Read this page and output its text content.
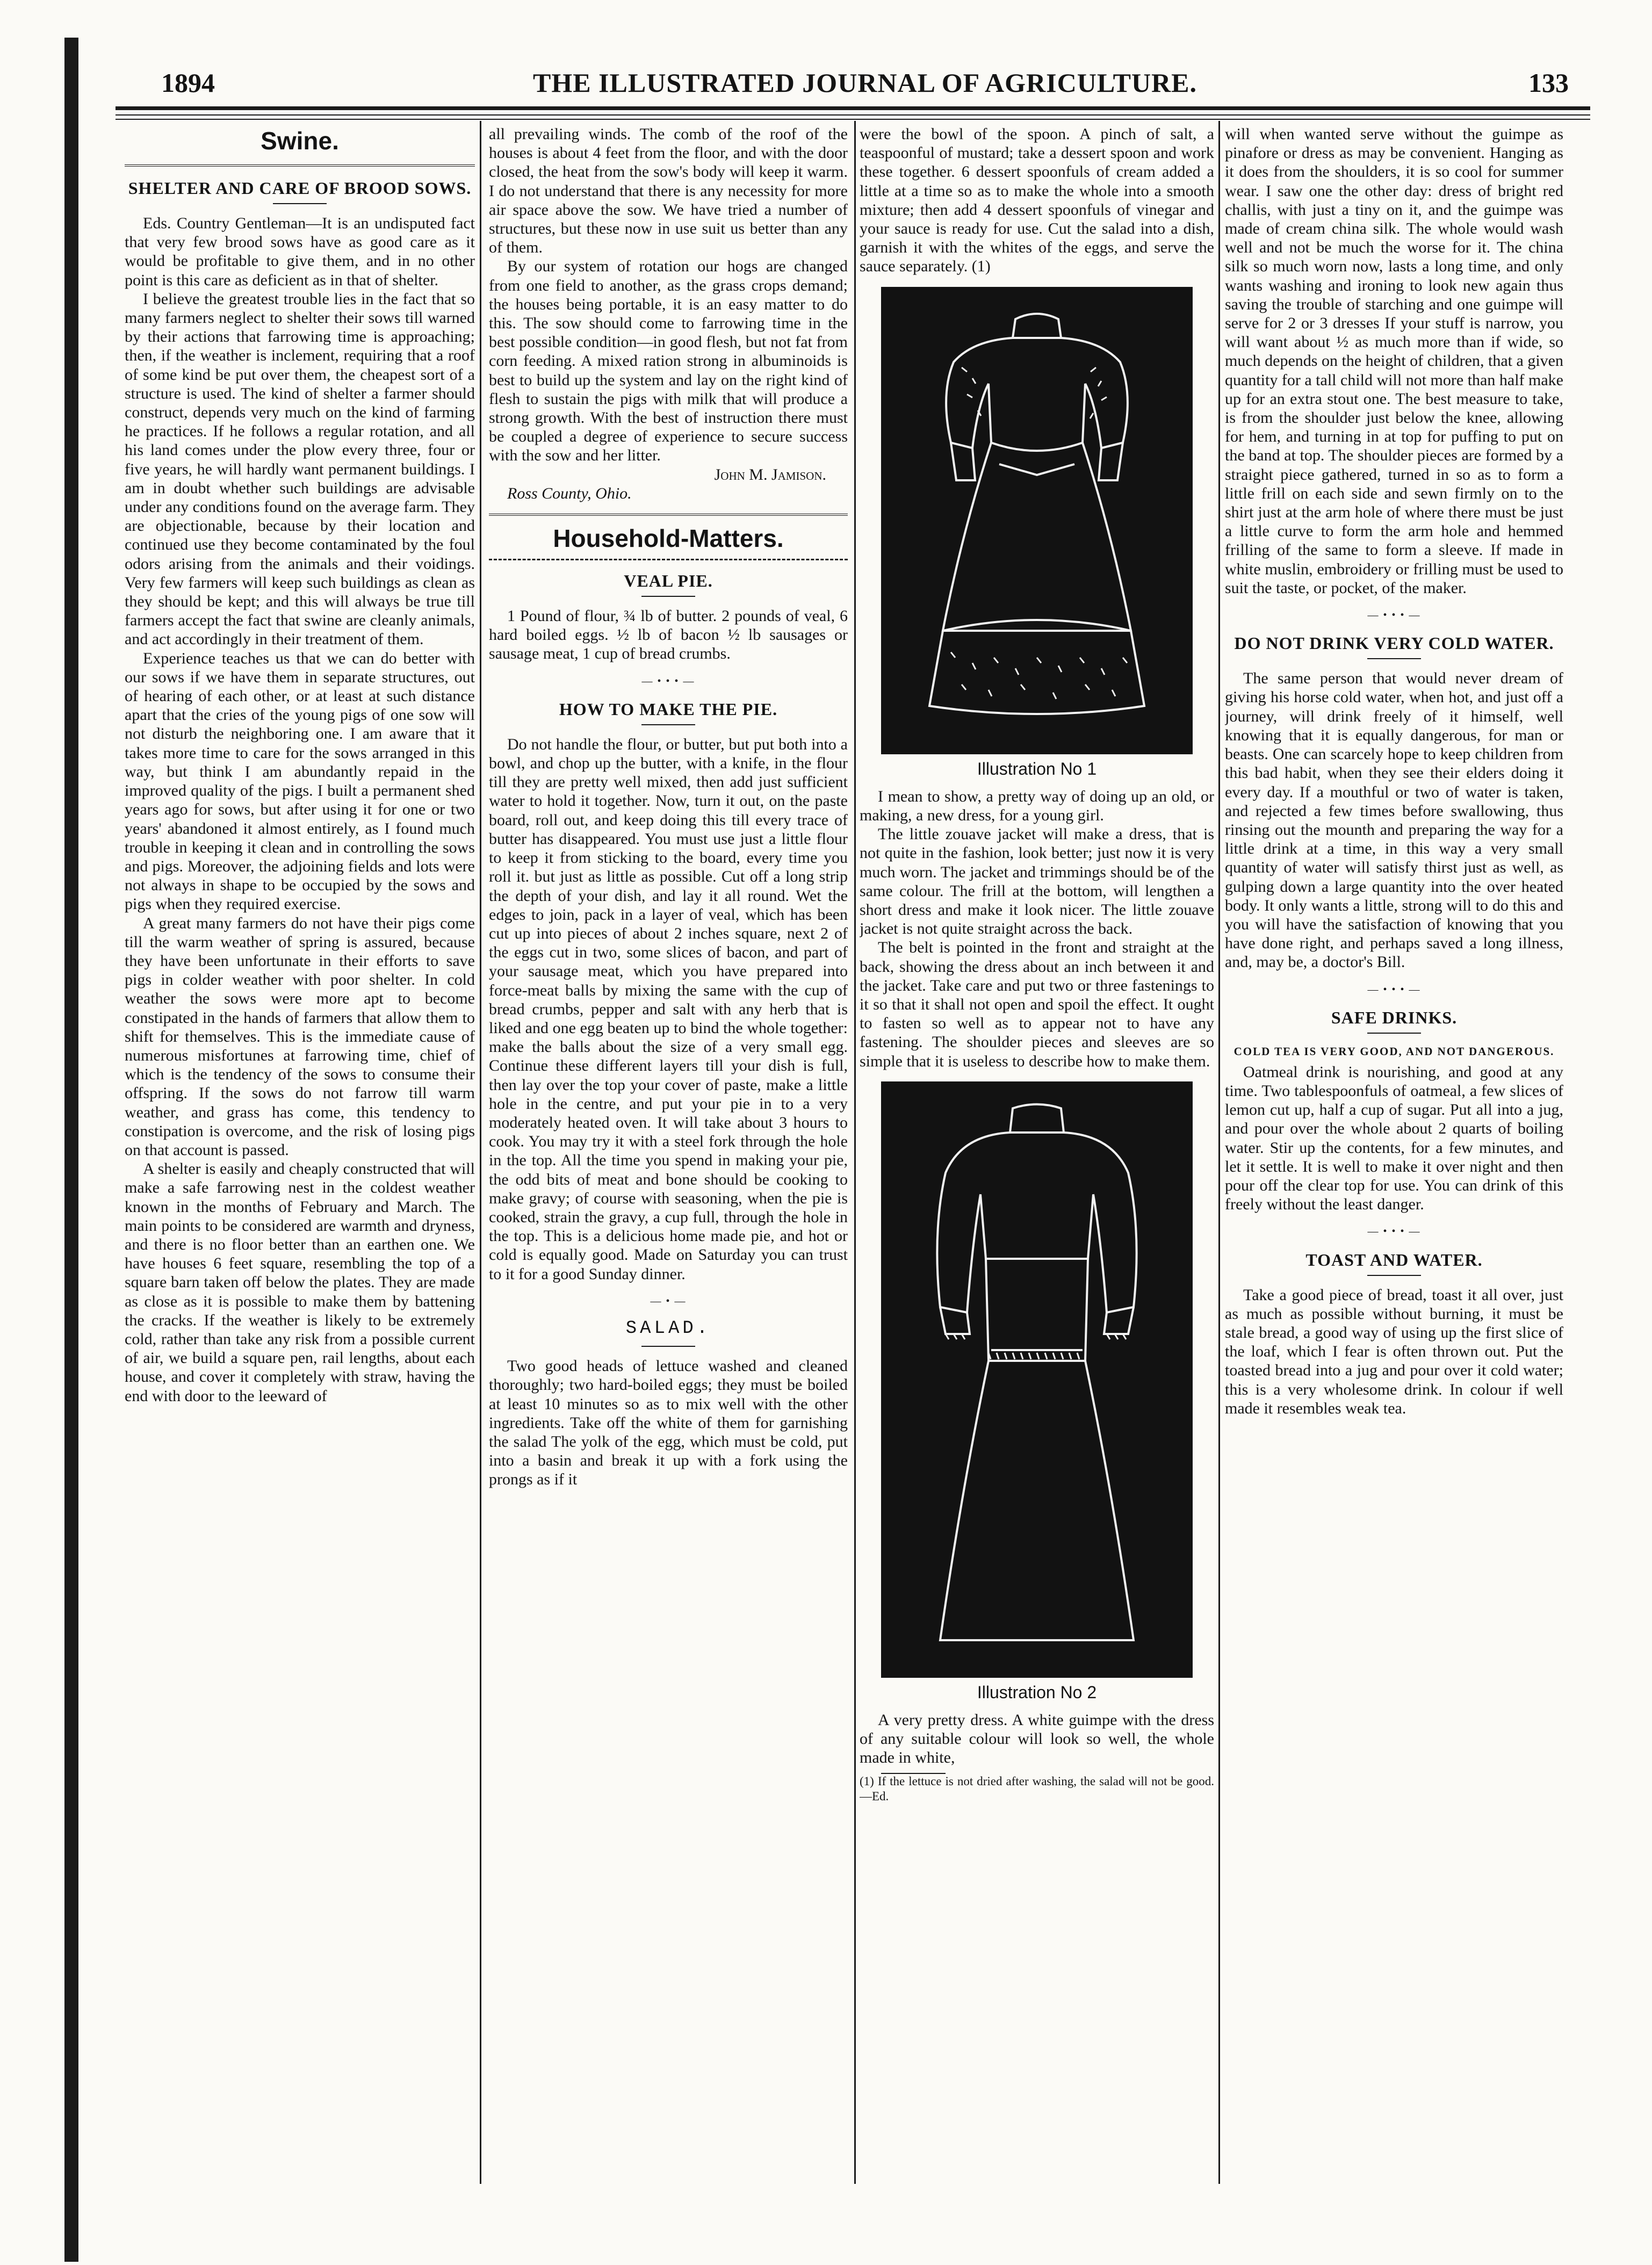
1894	THE ILLUSTRATED JOURNAL OF AGRICULTURE.	133
Swine.
SHELTER AND CARE OF BROOD SOWS.

Eds. Country Gentleman—It is an undisputed fact that very few brood sows have as good care as it would be profitable to give them, and in no other point is this care as deficient as in that of shelter.

I believe the greatest trouble lies in the fact that so many farmers neglect to shelter their sows till warned by their actions that farrowing time is approaching; then, if the weather is inclement, requiring that a roof of some kind be put over them, the cheapest sort of a structure is used. The kind of shelter a farmer should construct, depends very much on the kind of farming he practices. If he follows a regular rotation, and all his land comes under the plow every three, four or five years, he will hardly want permanent buildings. I am in doubt whether such buildings are advisable under any conditions found on the average farm. They are objectionable, because by their location and continued use they become contaminated by the foul odors arising from the animals and their voidings. Very few farmers will keep such buildings as clean as they should be kept; and this will always be true till farmers accept the fact that swine are cleanly animals, and act accordingly in their treatment of them.

Experience teaches us that we can do better with our sows if we have them in separate structures, out of hearing of each other, or at least at such distance apart that the cries of the young pigs of one sow will not disturb the neighboring one. I am aware that it takes more time to care for the sows arranged in this way, but think I am abundantly repaid in the improved quality of the pigs. I built a permanent shed years ago for sows, but after using it for one or two years' abandoned it almost entirely, as I found much trouble in keeping it clean and in controlling the sows and pigs. Moreover, the adjoining fields and lots were not always in shape to be occupied by the sows and pigs when they required exercise.

A great many farmers do not have their pigs come till the warm weather of spring is assured, because they have been unfortunate in their efforts to save pigs in colder weather with poor shelter. In cold weather the sows were more apt to become constipated in the hands of farmers that allow them to shift for themselves. This is the immediate cause of numerous misfortunes at farrowing time, chief of which is the tendency of the sows to consume their offspring. If the sows do not farrow till warm weather, and grass has come, this tendency to constipation is overcome, and the risk of losing pigs on that account is passed.

A shelter is easily and cheaply constructed that will make a safe farrowing nest in the coldest weather known in the months of February and March. The main points to be considered are warmth and dryness, and there is no floor better than an earthen one. We have houses 6 feet square, resembling the top of a square barn taken off below the plates. They are made as close as it is possible to make them by battening the cracks. If the weather is likely to be extremely cold, rather than take any risk from a possible current of air, we build a square pen, rail lengths, about each house, and cover it completely with straw, having the end with door to the leeward of

all prevailing winds. The comb of the roof of the houses is about 4 feet from the floor, and with the door closed, the heat from the sow's body will keep it warm. I do not understand that there is any necessity for more air space above the sow. We have tried a number of structures, but these now in use suit us better than any of them.

By our system of rotation our hogs are changed from one field to another, as the grass crops demand; the houses being portable, it is an easy matter to do this. The sow should come to farrowing time in the best possible condition—in good flesh, but not fat from corn feeding. A mixed ration strong in albuminoids is best to build up the system and lay on the right kind of flesh to sustain the pigs with milk that will produce a strong growth. With the best of instruction there must be coupled a degree of experience to secure success with the sow and her litter.

John M. Jamison.

Ross County, Ohio.

Household-Matters.
VEAL PIE.

1 Pound of flour, ¾ lb of butter. 2 pounds of veal, 6 hard boiled eggs. ½ lb of bacon ½ lb sausages or sausage meat, 1 cup of bread crumbs.

— • • • —
HOW TO MAKE THE PIE.

Do not handle the flour, or butter, but put both into a bowl, and chop up the butter, with a knife, in the flour till they are pretty well mixed, then add just sufficient water to hold it together. Now, turn it out, on the paste board, roll out, and keep doing this till every trace of butter has disappeared. You must use just a little flour to keep it from sticking to the board, every time you roll it. but just as little as possible. Cut off a long strip the depth of your dish, and lay it all round. Wet the edges to join, pack in a layer of veal, which has been cut up into pieces of about 2 inches square, next 2 of the eggs cut in two, some slices of bacon, and part of your sausage meat, which you have prepared into force-meat balls by mixing the same with the cup of bread crumbs, pepper and salt with any herb that is liked and one egg beaten up to bind the whole together: make the balls about the size of a very small egg. Continue these different layers till your dish is full, then lay over the top your cover of paste, make a little hole in the centre, and put your pie in to a very moderately heated oven. It will take about 3 hours to cook. You may try it with a steel fork through the hole in the top. All the time you spend in making your pie, the odd bits of meat and bone should be cooking to make gravy; of course with seasoning, when the pie is cooked, strain the gravy, a cup full, through the hole in the top. This is a delicious home made pie, and hot or cold is equally good. Made on Saturday you can trust to it for a good Sunday dinner.

— • —
SALAD.

Two good heads of lettuce washed and cleaned thoroughly; two hard-boiled eggs; they must be boiled at least 10 minutes so as to mix well with the other ingredients. Take off the white of them for garnishing the salad The yolk of the egg, which must be cold, put into a basin and break it up with a fork using the prongs as if it

were the bowl of the spoon. A pinch of salt, a teaspoonful of mustard; take a dessert spoon and work these together. 6 dessert spoonfuls of cream added a little at a time so as to make the whole into a smooth mixture; then add 4 dessert spoonfuls of vinegar and your sauce is ready for use. Cut the salad into a dish, garnish it with the whites of the eggs, and serve the sauce separately. (1)

Illustration No 1

I mean to show, a pretty way of doing up an old, or making, a new dress, for a young girl.

The little zouave jacket will make a dress, that is not quite in the fashion, look better; just now it is very much worn. The jacket and trimmings should be of the same colour. The frill at the bottom, will lengthen a short dress and make it look nicer. The little zouave jacket is not quite straight across the back.

The belt is pointed in the front and straight at the back, showing the dress about an inch between it and the jacket. Take care and put two or three fastenings to it so that it shall not open and spoil the effect. It ought to fasten so well as to appear not to have any fastening. The shoulder pieces and sleeves are so simple that it is useless to describe how to make them.

Illustration No 2

A very pretty dress. A white guimpe with the dress of any suitable colour will look so well, the whole made in white,

(1) If the lettuce is not dried after washing, the salad will not be good.—Ed.

will when wanted serve without the guimpe as pinafore or dress as may be convenient. Hanging as it does from the shoulders, it is so cool for summer wear. I saw one the other day: dress of bright red challis, with just a tiny on it, and the guimpe was made of cream china silk. The whole would wash well and not be much the worse for it. The china silk so much worn now, lasts a long time, and only wants washing and ironing to look new again thus saving the trouble of starching and one guimpe will serve for 2 or 3 dresses If your stuff is narrow, you will want about ½ as much more than if wide, so much depends on the height of children, that a given quantity for a tall child will not more than half make up for an extra stout one. The best measure to take, is from the shoulder just below the knee, allowing for hem, and turning in at top for puffing to put on the band at top. The shoulder pieces are formed by a straight piece gathered, turned in so as to form a little frill on each side and sewn firmly on to the shirt just at the arm hole of where there must be just a little curve to form the arm hole and hemmed frilling of the same to form a sleeve. If made in white muslin, embroidery or frilling must be used to suit the taste, or pocket, of the maker.

— • • • —
DO NOT DRINK VERY COLD WATER.

The same person that would never dream of giving his horse cold water, when hot, and just off a journey, will drink freely of it himself, well knowing that it is equally dangerous, for man or beasts. One can scarcely hope to keep children from this bad habit, when they see their elders doing it every day. If a mouthful or two of water is taken, and rejected a few times before swallowing, thus rinsing out the mounth and preparing the way for a little drink at a time, in this way a very small quantity of water will satisfy thirst just as well, as gulping down a large quantity into the over heated body. It only wants a little, strong will to do this and you will have the satisfaction of knowing that you have done right, and perhaps saved a long illness, and, may be, a doctor's Bill.

— • • • —
SAFE DRINKS.
COLD TEA IS VERY GOOD, AND NOT DANGEROUS.

Oatmeal drink is nourishing, and good at any time. Two tablespoonfuls of oatmeal, a few slices of lemon cut up, half a cup of sugar. Put all into a jug, and pour over the whole about 2 quarts of boiling water. Stir up the contents, for a few minutes, and let it settle. It is well to make it over night and then pour off the clear top for use. You can drink of this freely without the least danger.

— • • • —
TOAST AND WATER.

Take a good piece of bread, toast it all over, just as much as possible without burning, it must be stale bread, a good way of using up the first slice of the loaf, which I fear is often thrown out. Put the toasted bread into a jug and pour over it cold water; this is a very wholesome drink. In colour if well made it resembles weak tea.
